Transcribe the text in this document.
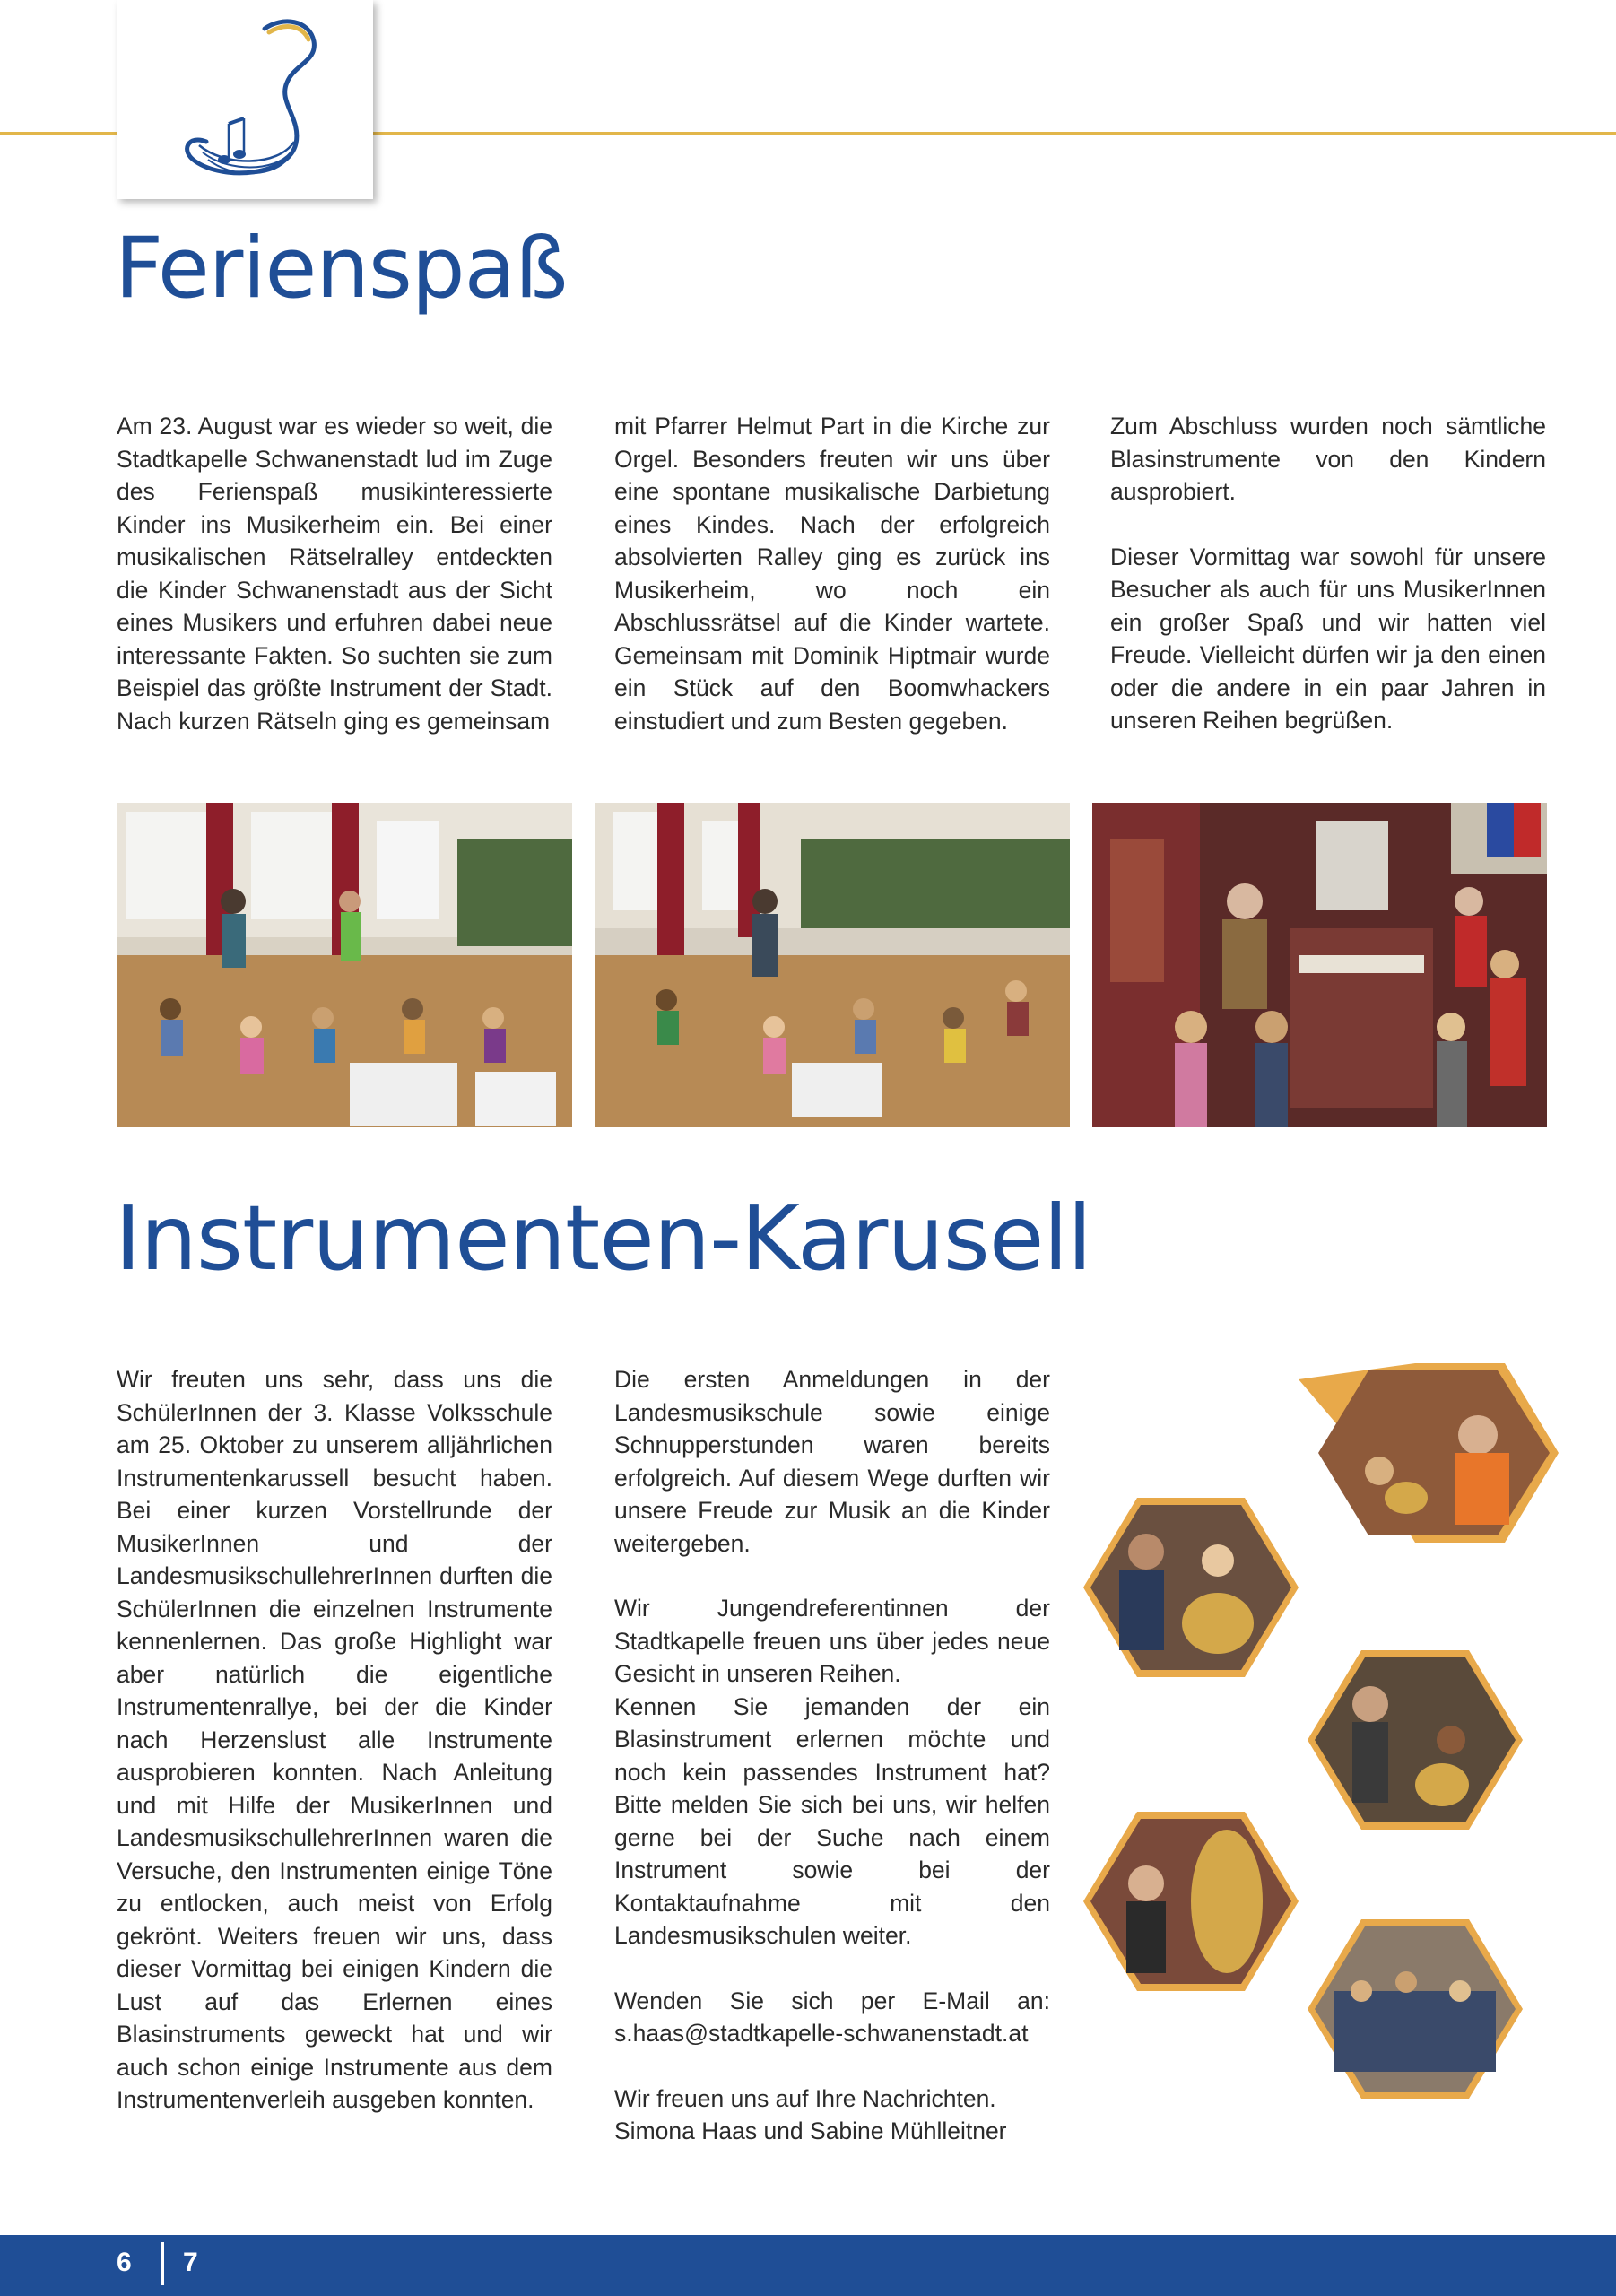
Ferienspaß

Am 23. August war es wieder so weit, die Stadtkapelle Schwanenstadt lud im Zuge des Ferienspaß musikinteressierte Kinder ins Musikerheim ein. Bei einer musikalischen Rätselralley entdeckten die Kinder Schwanenstadt aus der Sicht eines Musikers und erfuhren dabei neue interessante Fakten. So suchten sie zum Beispiel das größte Instrument der Stadt. Nach kurzen Rätseln ging es gemeinsam

mit Pfarrer Helmut Part in die Kirche zur Orgel. Besonders freuten wir uns über eine spontane musikalische Darbietung eines Kindes. Nach der erfolgreich absolvierten Ralley ging es zurück ins Musikerheim, wo noch ein Abschlussrätsel auf die Kinder wartete. Gemeinsam mit Dominik Hiptmair wurde ein Stück auf den Boomwhackers einstudiert und zum Besten gegeben.

Zum Abschluss wurden noch sämtliche Blasinstrumente von den Kindern ausprobiert.

Dieser Vormittag war sowohl für unsere Besucher als auch für uns MusikerInnen ein großer Spaß und wir hatten viel Freude. Vielleicht dürfen wir ja den einen oder die andere in ein paar Jahren in unseren Reihen begrüßen.

Instrumenten-Karusell

Wir freuten uns sehr, dass uns die SchülerInnen der 3. Klasse Volksschule am 25. Oktober zu unserem alljährlichen Instrumentenkarussell besucht haben. Bei einer kurzen Vorstellrunde der MusikerInnen und der LandesmusikschullehrerInnen durften die SchülerInnen die einzelnen Instrumente kennenlernen. Das große Highlight war aber natürlich die eigentliche Instrumentenrallye, bei der die Kinder nach Herzenslust alle Instrumente ausprobieren konnten. Nach Anleitung und mit Hilfe der MusikerInnen und LandesmusikschullehrerInnen waren die Versuche, den Instrumenten einige Töne zu entlocken, auch meist von Erfolg gekrönt. Weiters freuen wir uns, dass dieser Vormittag bei einigen Kindern die Lust auf das Erlernen eines Blasinstruments geweckt hat und wir auch schon einige Instrumente aus dem Instrumentenverleih ausgeben konnten.

Die ersten Anmeldungen in der Landesmusikschule sowie einige Schnupperstunden waren bereits erfolgreich. Auf diesem Wege durften wir unsere Freude zur Musik an die Kinder weitergeben.

Wir Jungendreferentinnen der Stadtkapelle freuen uns über jedes neue Gesicht in unseren Reihen.

Kennen Sie jemanden der ein Blasinstrument erlernen möchte und noch kein passendes Instrument hat? Bitte melden Sie sich bei uns, wir helfen gerne bei der Suche nach einem Instrument sowie bei der Kontaktaufnahme mit den Landesmusikschulen weiter.

Wenden Sie sich per E-Mail an: s.haas@stadtkapelle-schwanenstadt.at

Wir freuen uns auf Ihre Nachrichten.

Simona Haas und Sabine Mühlleitner

6 7
